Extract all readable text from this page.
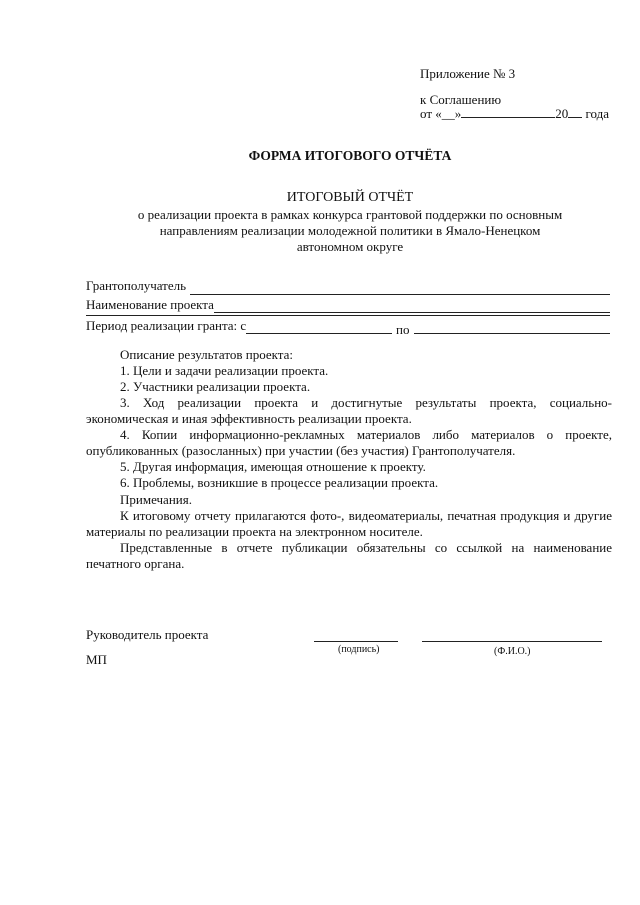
Приложение № 3
к Соглашению
от «__»	20 года
ФОРМА ИТОГОВОГО ОТЧЁТА
ИТОГОВЫЙ ОТЧЁТ
о реализации проекта в рамках конкурса грантовой поддержки по основным
направлениям реализации молодежной политики в Ямало-Ненецком
автономном округе
Грантополучатель
Наименование проекта
Период реализации гранта: с	по
Описание результатов проекта:
1. Цели и задачи реализации проекта.
2. Участники реализации проекта.
3. Ход реализации проекта и достигнутые результаты проекта, социально-экономическая и иная эффективность реализации проекта.
4. Копии информационно-рекламных материалов либо материалов о проекте, опубликованных (разосланных) при участии (без участия) Грантополучателя.
5. Другая информация, имеющая отношение к проекту.
6. Проблемы, возникшие в процессе реализации проекта.
Примечания.
К итоговому отчету прилагаются фото-, видеоматериалы, печатная продукция и другие материалы по реализации проекта на электронном носителе.
Представленные в отчете публикации обязательны со ссылкой на наименование печатного органа.
Руководитель проекта
(подпись)	(Ф.И.О.)
МП
